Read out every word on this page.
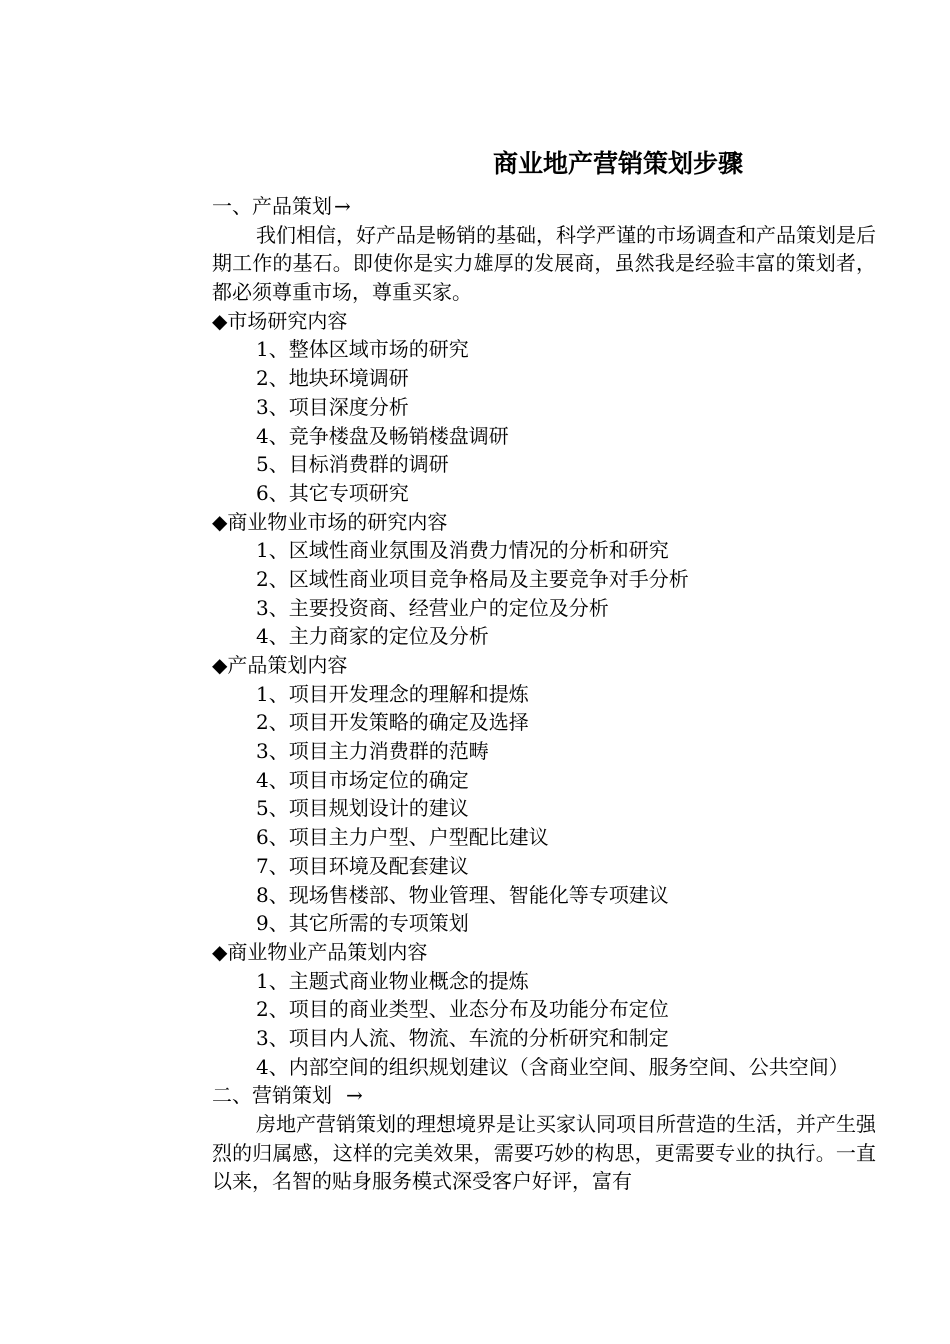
商业地产营销策划步骤
一、产品策划 →
我们相信，好产品是畅销的基础，科学严谨的市场调查和产品策划是后期工作的基石。即使你是实力雄厚的发展商，虽然我是经验丰富的策划者，都必须尊重市场，尊重买家。
◆市场研究内容
1、整体区域市场的研究
2、地块环境调研
3、项目深度分析
4、竞争楼盘及畅销楼盘调研
5、目标消费群的调研
6、其它专项研究
◆商业物业市场的研究内容
1、区域性商业氛围及消费力情况的分析和研究
2、区域性商业项目竞争格局及主要竞争对手分析
3、主要投资商、经营业户的定位及分析
4、主力商家的定位及分析
◆产品策划内容
1、项目开发理念的理解和提炼
2、项目开发策略的确定及选择
3、项目主力消费群的范畴
4、项目市场定位的确定
5、项目规划设计的建议
6、项目主力户型、户型配比建议
7、项目环境及配套建议
8、现场售楼部、物业管理、智能化等专项建议
9、其它所需的专项策划
◆商业物业产品策划内容
1、主题式商业物业概念的提炼
2、项目的商业类型、业态分布及功能分布定位
3、项目内人流、物流、车流的分析研究和制定
4、内部空间的组织规划建议（含商业空间、服务空间、公共空间）
二、营销策划 →
房地产营销策划的理想境界是让买家认同项目所营造的生活，并产生强烈的归属感，这样的完美效果，需要巧妙的构思，更需要专业的执行。一直以来，名智的贴身服务模式深受客户好评，富有
